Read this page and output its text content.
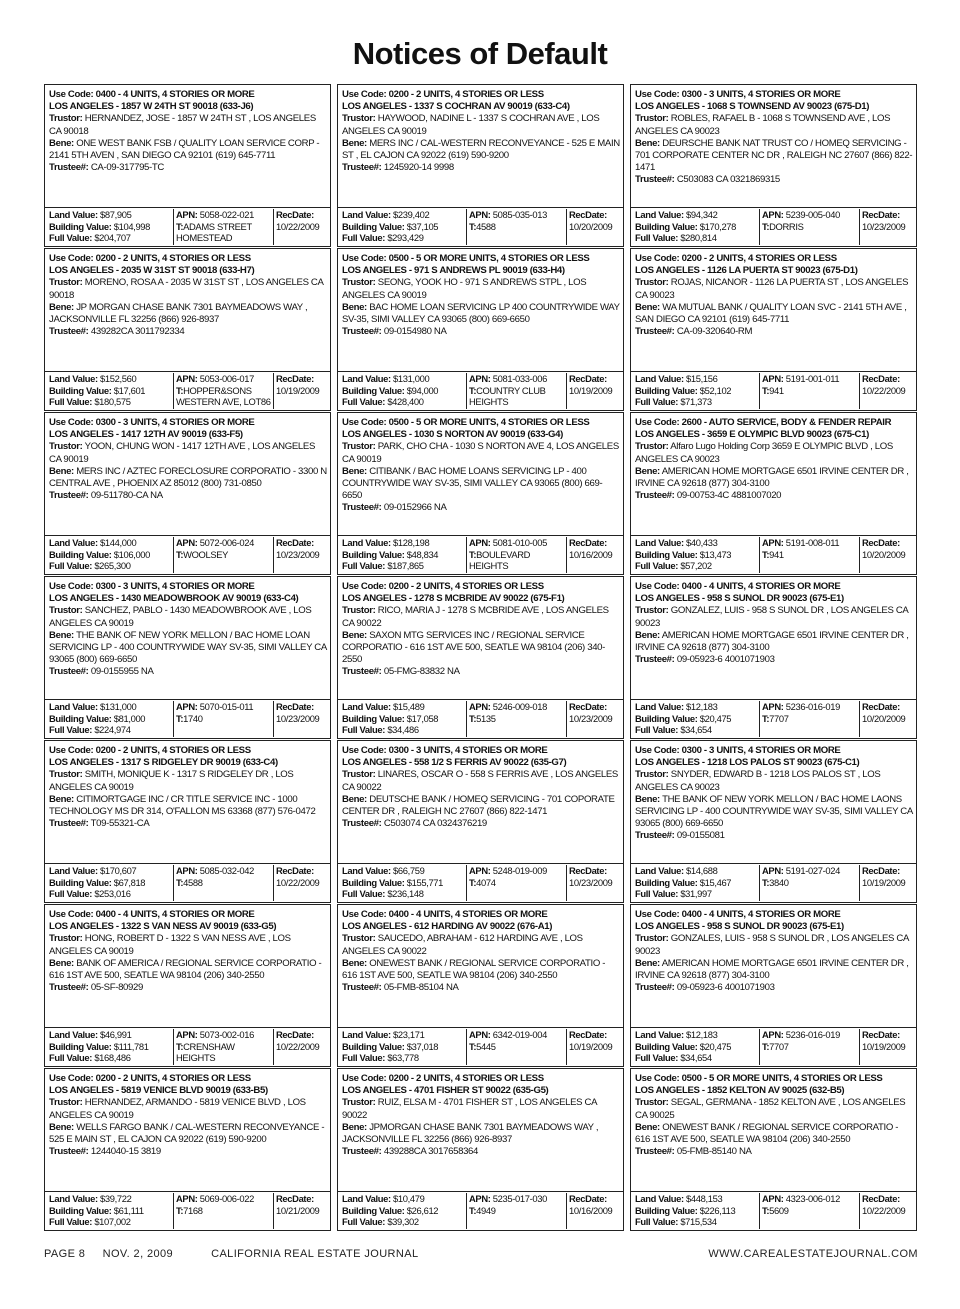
Notices of Default
Use Code: 0400 - 4 UNITS, 4 STORIES OR MORE
LOS ANGELES - 1857 W 24TH ST 90018 (633-J6)
Trustor: HERNANDEZ, JOSE - 1857 W 24TH ST , LOS ANGELES CA 90018
Bene: ONE WEST BANK FSB / QUALITY LOAN SERVICE CORP - 2141 5TH AVEN , SAN DIEGO CA 92101 (619) 645-7711
Trustee#: CA-09-317795-TC
Land Value: $87,905
Building Value: $104,998
Full Value: $204,707
APN: 5058-022-021
T:ADAMS STREET HOMESTEAD
RecDate:
10/22/2009
Use Code: 0200 - 2 UNITS, 4 STORIES OR LESS
LOS ANGELES - 2035 W 31ST ST 90018 (633-H7)
Trustor: MORENO, ROSA A - 2035 W 31ST ST , LOS ANGELES CA 90018
Bene: JP MORGAN CHASE BANK 7301 BAYMEADOWS WAY , JACKSONVILLE FL 32256 (866) 926-8937
Trustee#: 439282CA 3011792334
Land Value: $152,560
Building Value: $17,601
Full Value: $180,575
APN: 5053-006-017
T:HOPPER&SONS WESTERN AVE, LOT86
RecDate:
10/19/2009
Use Code: 0300 - 3 UNITS, 4 STORIES OR MORE
LOS ANGELES - 1417 12TH AV 90019 (633-F5)
Trustor: YOON, CHUNG WON - 1417 12TH AVE , LOS ANGELES CA 90019
Bene: MERS INC / AZTEC FORECLOSURE CORPORATIO - 3300 N CENTRAL AVE , PHOENIX AZ 85012 (800) 731-0850
Trustee#: 09-511780-CA NA
Land Value: $144,000
Building Value: $106,000
Full Value: $265,300
APN: 5072-006-024
T:WOOLSEY
RecDate:
10/23/2009
Use Code: 0300 - 3 UNITS, 4 STORIES OR MORE
LOS ANGELES - 1430 MEADOWBROOK AV 90019 (633-C4)
Trustor: SANCHEZ, PABLO - 1430 MEADOWBROOK AVE , LOS ANGELES CA 90019
Bene: THE BANK OF NEW YORK MELLON / BAC HOME LOAN SERVICING LP - 400 COUNTRYWIDE WAY SV-35, SIMI VALLEY CA 93065 (800) 669-6650
Trustee#: 09-0155955 NA
Land Value: $131,000
Building Value: $81,000
Full Value: $224,974
APN: 5070-015-011
T:1740
RecDate:
10/23/2009
Use Code: 0200 - 2 UNITS, 4 STORIES OR LESS
LOS ANGELES - 1317 S RIDGELEY DR 90019 (633-C4)
Trustor: SMITH, MONIQUE K - 1317 S RIDGELEY DR , LOS ANGELES CA 90019
Bene: CITIMORTGAGE INC / CR TITLE SERVICE INC - 1000 TECHNOLOGY MS DR 314, O'FALLON MS 63368 (877) 576-0472
Trustee#: T09-55321-CA
Land Value: $170,607
Building Value: $67,818
Full Value: $253,016
APN: 5085-032-042
T:4588
RecDate:
10/22/2009
Use Code: 0400 - 4 UNITS, 4 STORIES OR MORE
LOS ANGELES - 1322 S VAN NESS AV 90019 (633-G5)
Trustor: HONG, ROBERT D - 1322 S VAN NESS AVE , LOS ANGELES CA 90019
Bene: BANK OF AMERICA / REGIONAL SERVICE CORPORATIO - 616 1ST AVE 500, SEATLE WA 98104 (206) 340-2550
Trustee#: 05-SF-80929
Land Value: $46,991
Building Value: $111,781
Full Value: $168,486
APN: 5073-002-016
T:CRENSHAW HEIGHTS
RecDate:
10/22/2009
Use Code: 0200 - 2 UNITS, 4 STORIES OR LESS
LOS ANGELES - 5819 VENICE BLVD 90019 (633-B5)
Trustor: HERNANDEZ, ARMANDO - 5819 VENICE BLVD , LOS ANGELES CA 90019
Bene: WELLS FARGO BANK / CAL-WESTERN RECONVEYANCE - 525 E MAIN ST , EL CAJON CA 92022 (619) 590-9200
Trustee#: 1244040-15 3819
Land Value: $39,722
Building Value: $61,111
Full Value: $107,002
APN: 5069-006-022
T:7168
RecDate:
10/21/2009
Use Code: 0200 - 2 UNITS, 4 STORIES OR LESS
LOS ANGELES - 1337 S COCHRAN AV 90019 (633-C4)
Trustor: HAYWOOD, NADINE L - 1337 S COCHRAN AVE , LOS ANGELES CA 90019
Bene: MERS INC / CAL-WESTERN RECONVEYANCE - 525 E MAIN ST , EL CAJON CA 92022 (619) 590-9200
Trustee#: 1245920-14 9998
Land Value: $239,402
Building Value: $37,105
Full Value: $293,429
APN: 5085-035-013
T:4588
RecDate:
10/20/2009
Use Code: 0500 - 5 OR MORE UNITS, 4 STORIES OR LESS
LOS ANGELES - 971 S ANDREWS PL 90019 (633-H4)
Trustor: SEONG, YOOK HO - 971 S ANDREWS STPL , LOS ANGELES CA 90019
Bene: BAC HOME LOAN SERVICING LP 400 COUNTRYWIDE WAY SV-35, SIMI VALLEY CA 93065 (800) 669-6650
Trustee#: 09-0154980 NA
Land Value: $131,000
Building Value: $94,000
Full Value: $428,400
APN: 5081-033-006
T:COUNTRY CLUB HEIGHTS
RecDate:
10/19/2009
Use Code: 0500 - 5 OR MORE UNITS, 4 STORIES OR LESS
LOS ANGELES - 1030 S NORTON AV 90019 (633-G4)
Trustor: PARK, CHO CHA - 1030 S NORTON AVE 4, LOS ANGELES CA 90019
Bene: CITIBANK / BAC HOME LOANS SERVICING LP - 400 COUNTRYWIDE WAY SV-35, SIMI VALLEY CA 93065 (800) 669-6650
Trustee#: 09-0152966 NA
Land Value: $128,198
Building Value: $48,834
Full Value: $187,865
APN: 5081-010-005
T:BOULEVARD HEIGHTS
RecDate:
10/16/2009
Use Code: 0200 - 2 UNITS, 4 STORIES OR LESS
LOS ANGELES - 1278 S MCBRIDE AV 90022 (675-F1)
Trustor: RICO, MARIA J - 1278 S MCBRIDE AVE , LOS ANGELES CA 90022
Bene: SAXON MTG SERVICES INC / REGIONAL SERVICE CORPORATIO - 616 1ST AVE 500, SEATLE WA 98104 (206) 340-2550
Trustee#: 05-FMG-83832 NA
Land Value: $15,489
Building Value: $17,058
Full Value: $34,486
APN: 5246-009-018
T:5135
RecDate:
10/23/2009
Use Code: 0300 - 3 UNITS, 4 STORIES OR MORE
LOS ANGELES - 558 1/2 S FERRIS AV 90022 (635-G7)
Trustor: LINARES, OSCAR O - 558 S FERRIS AVE , LOS ANGELES CA 90022
Bene: DEUTSCHE BANK / HOMEQ SERVICING - 701 COPORATE CENTER DR , RALEIGH NC 27607 (866) 822-1471
Trustee#: C503074 CA 0324376219
Land Value: $66,759
Building Value: $155,771
Full Value: $236,148
APN: 5248-019-009
T:4074
RecDate:
10/23/2009
Use Code: 0400 - 4 UNITS, 4 STORIES OR MORE
LOS ANGELES - 612 HARDING AV 90022 (676-A1)
Trustor: SAUCEDO, ABRAHAM - 612 HARDING AVE , LOS ANGELES CA 90022
Bene: ONEWEST BANK / REGIONAL SERVICE CORPORATIO - 616 1ST AVE 500, SEATLE WA 98104 (206) 340-2550
Trustee#: 05-FMB-85104 NA
Land Value: $23,171
Building Value: $37,018
Full Value: $63,778
APN: 6342-019-004
T:5445
RecDate:
10/19/2009
Use Code: 0200 - 2 UNITS, 4 STORIES OR LESS
LOS ANGELES - 4701 FISHER ST 90022 (635-G5)
Trustor: RUIZ, ELSA M - 4701 FISHER ST , LOS ANGELES CA 90022
Bene: JPMORGAN CHASE BANK 7301 BAYMEADOWS WAY , JACKSONVILLE FL 32256 (866) 926-8937
Trustee#: 439288CA 3017658364
Land Value: $10,479
Building Value: $26,612
Full Value: $39,302
APN: 5235-017-030
T:4949
RecDate:
10/16/2009
Use Code: 0300 - 3 UNITS, 4 STORIES OR MORE
LOS ANGELES - 1068 S TOWNSEND AV 90023 (675-D1)
Trustor: ROBLES, RAFAEL B - 1068 S TOWNSEND AVE , LOS ANGELES CA 90023
Bene: DEURSCHE BANK NAT TRUST CO / HOMEQ SERVICING - 701 CORPORATE CENTER NC DR , RALEIGH NC 27607 (866) 822-1471
Trustee#: C503083 CA 0321869315
Land Value: $94,342
Building Value: $170,278
Full Value: $280,814
APN: 5239-005-040
T:DORRIS
RecDate:
10/23/2009
Use Code: 0200 - 2 UNITS, 4 STORIES OR LESS
LOS ANGELES - 1126 LA PUERTA ST 90023 (675-D1)
Trustor: ROJAS, NICANOR - 1126 LA PUERTA ST , LOS ANGELES CA 90023
Bene: WA MUTUAL BANK / QUALITY LOAN SVC - 2141 5TH AVE , SAN DIEGO CA 92101 (619) 645-7711
Trustee#: CA-09-320640-RM
Land Value: $15,156
Building Value: $52,102
Full Value: $71,373
APN: 5191-001-011
T:941
RecDate:
10/22/2009
Use Code: 2600 - AUTO SERVICE, BODY & FENDER REPAIR
LOS ANGELES - 3659 E OLYMPIC BLVD 90023 (675-C1)
Trustor: Alfaro Lugo Holding Corp 3659 E OLYMPIC BLVD , LOS ANGELES CA 90023
Bene: AMERICAN HOME MORTGAGE 6501 IRVINE CENTER DR , IRVINE CA 92618 (877) 304-3100
Trustee#: 09-00753-4C 4881007020
Land Value: $40,433
Building Value: $13,473
Full Value: $57,202
APN: 5191-008-011
T:941
RecDate:
10/20/2009
Use Code: 0400 - 4 UNITS, 4 STORIES OR MORE
LOS ANGELES - 958 S SUNOL DR 90023 (675-E1)
Trustor: GONZALEZ, LUIS - 958 S SUNOL DR , LOS ANGELES CA 90023
Bene: AMERICAN HOME MORTGAGE 6501 IRVINE CENTER DR , IRVINE CA 92618 (877) 304-3100
Trustee#: 09-05923-6 4001071903
Land Value: $12,183
Building Value: $20,475
Full Value: $34,654
APN: 5236-016-019
T:7707
RecDate:
10/20/2009
Use Code: 0300 - 3 UNITS, 4 STORIES OR MORE
LOS ANGELES - 1218 LOS PALOS ST 90023 (675-C1)
Trustor: SNYDER, EDWARD B - 1218 LOS PALOS ST , LOS ANGELES CA 90023
Bene: THE BANK OF NEW YORK MELLON / BAC HOME LAONS SERVICING LP - 400 COUNTRYWIDE WAY SV-35, SIMI VALLEY CA 93065 (800) 669-6650
Trustee#: 09-0155081
Land Value: $14,688
Building Value: $15,467
Full Value: $31,997
APN: 5191-027-024
T:3840
RecDate:
10/19/2009
Use Code: 0400 - 4 UNITS, 4 STORIES OR MORE
LOS ANGELES - 958 S SUNOL DR 90023 (675-E1)
Trustor: GONZALES, LUIS - 958 S SUNOL DR , LOS ANGELES CA 90023
Bene: AMERICAN HOME MORTGAGE 6501 IRVINE CENTER DR , IRVINE CA 92618 (877) 304-3100
Trustee#: 09-05923-6 4001071903
Land Value: $12,183
Building Value: $20,475
Full Value: $34,654
APN: 5236-016-019
T:7707
RecDate:
10/19/2009
Use Code: 0500 - 5 OR MORE UNITS, 4 STORIES OR LESS
LOS ANGELES - 1852 KELTON AV 90025 (632-B5)
Trustor: SEGAL, GERMANA - 1852 KELTON AVE , LOS ANGELES CA 90025
Bene: ONEWEST BANK / REGIONAL SERVICE CORPORATIO - 616 1ST AVE 500, SEATLE WA 98104 (206) 340-2550
Trustee#: 05-FMB-85140 NA
Land Value: $448,153
Building Value: $226,113
Full Value: $715,534
APN: 4323-006-012
T:5609
RecDate:
10/22/2009
PAGE 8 NOV. 2, 2009	CALIFORNIA REAL ESTATE JOURNAL	WWW.CAREALESTATEJOURNAL.COM
